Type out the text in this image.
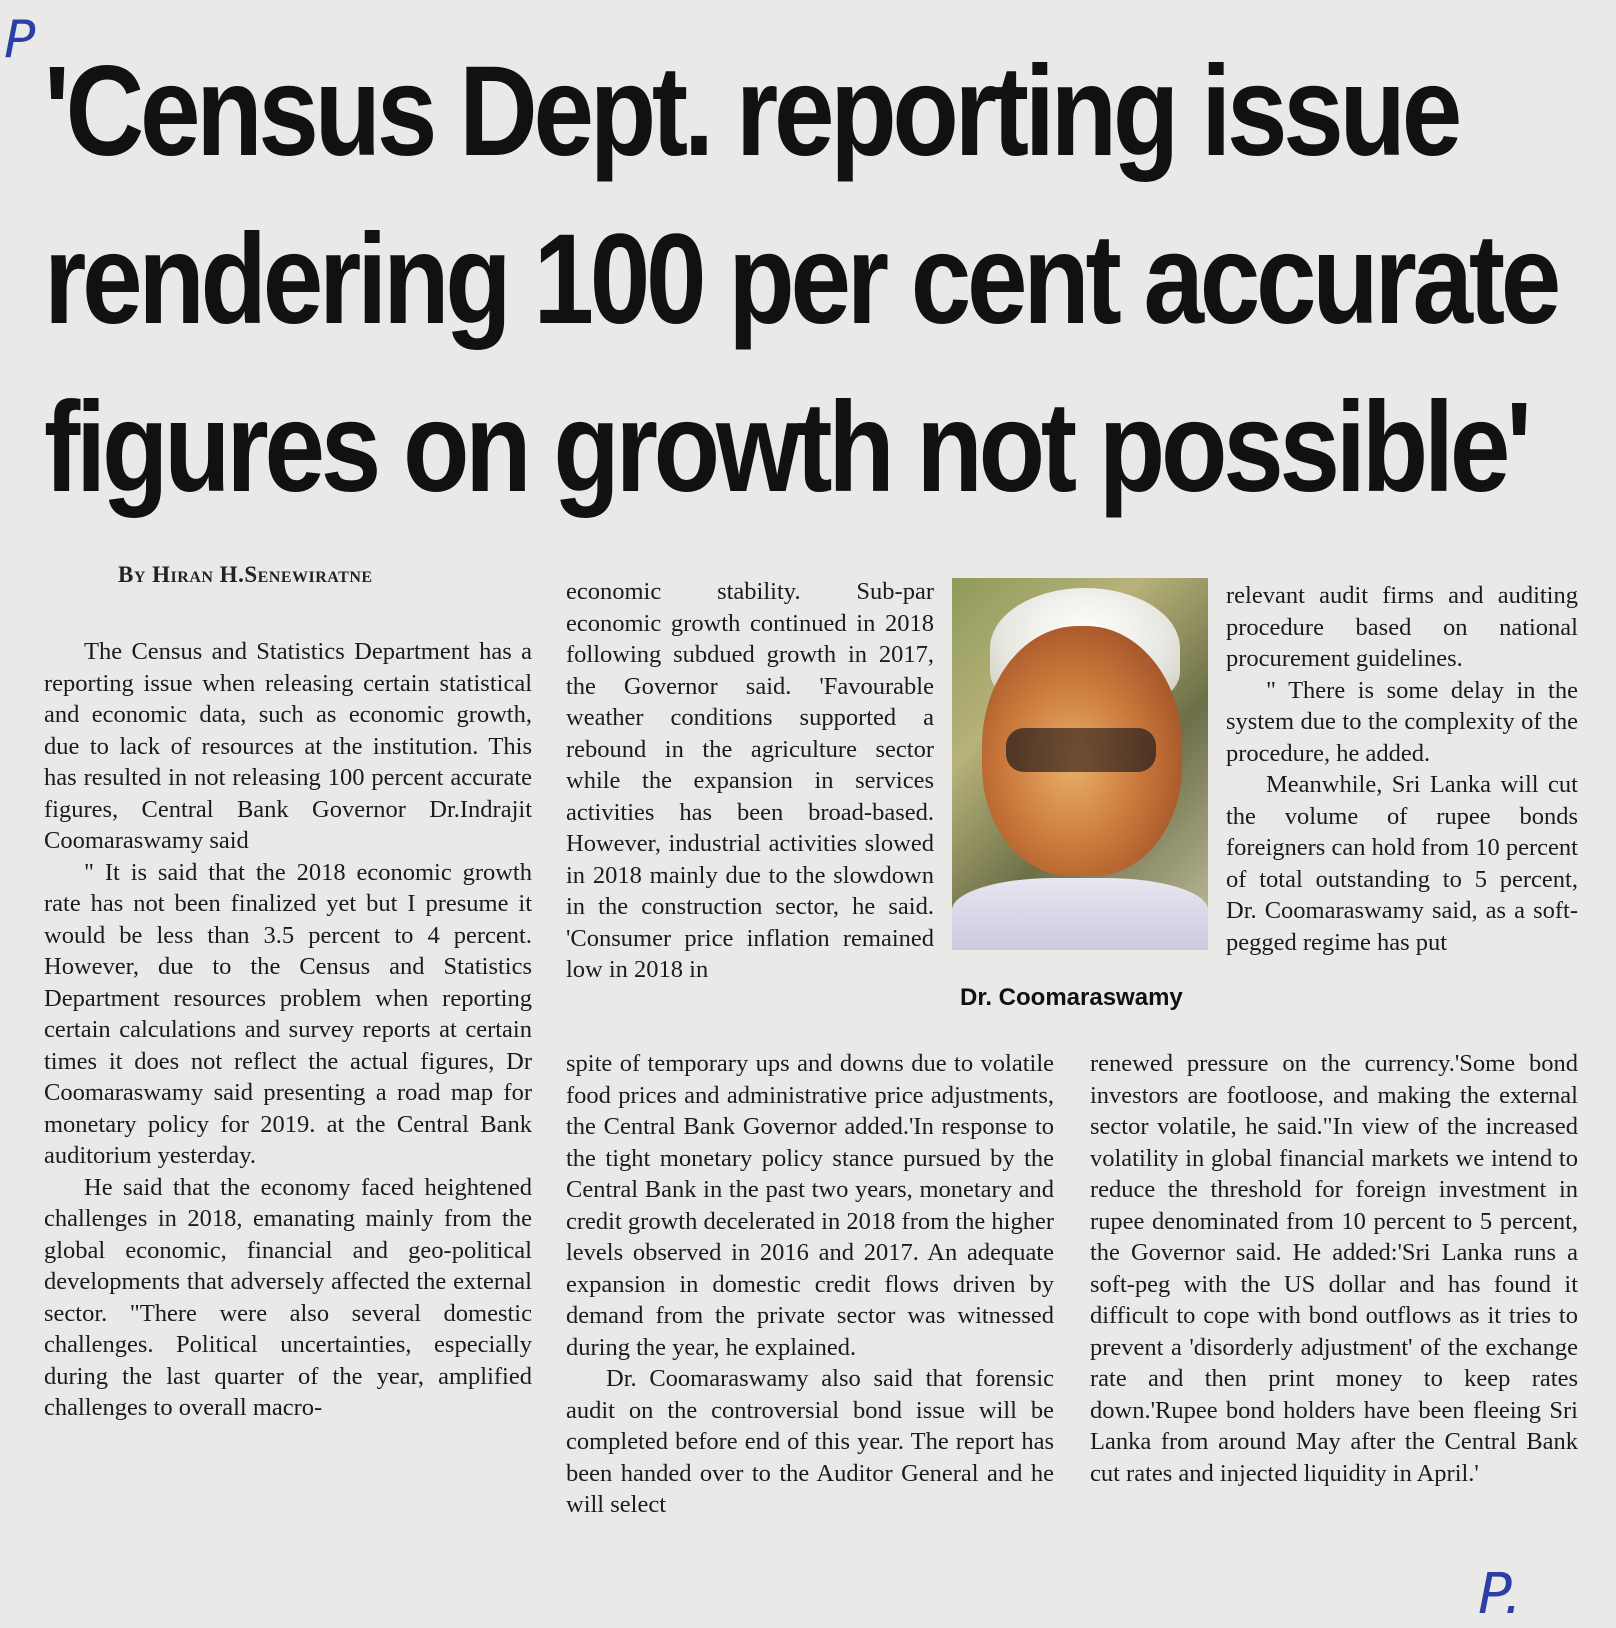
P 'Census Dept. reporting issue
rendering 100 per cent accurate
figures on growth not possible'
By Hiran H.Senewiratne

The Census and Statistics Department has a reporting issue when releasing certain statistical and economic data, such as economic growth, due to lack of resources at the institution. This has resulted in not releasing 100 percent accurate figures, Central Bank Governor Dr.Indrajit Coomaraswamy said

" It is said that the 2018 economic growth rate has not been finalized yet but I presume it would be less than 3.5 percent to 4 percent. However, due to the Census and Statistics Department resources problem when reporting certain calculations and survey reports at certain times it does not reflect the actual figures, Dr Coomaraswamy said presenting a road map for monetary policy for 2019. at the Central Bank auditorium yesterday.

He said that the economy faced heightened challenges in 2018, emanating mainly from the global economic, financial and geo-political developments that adversely affected the external sector. "There were also several domestic challenges. Political uncertainties, especially during the last quarter of the year, amplified challenges to overall macro-

economic stability. Sub-par economic growth continued in 2018 following subdued growth in 2017, the Governor said. 'Favourable weather conditions supported a rebound in the agriculture sector while the expansion in services activities has been broad-based. However, industrial activities slowed in 2018 mainly due to the slowdown in the construction sector, he said. 'Consumer price inflation remained low in 2018 in

Dr. Coomaraswamy

spite of temporary ups and downs due to volatile food prices and administrative price adjustments, the Central Bank Governor added.'In response to the tight monetary policy stance pursued by the Central Bank in the past two years, monetary and credit growth decelerated in 2018 from the higher levels observed in 2016 and 2017. An adequate expansion in domestic credit flows driven by demand from the private sector was witnessed during the year, he explained.

Dr. Coomaraswamy also said that forensic audit on the controversial bond issue will be completed before end of this year. The report has been handed over to the Auditor General and he will select

relevant audit firms and auditing procedure based on national procurement guidelines.

" There is some delay in the system due to the complexity of the procedure, he added.

Meanwhile, Sri Lanka will cut the volume of rupee bonds foreigners can hold from 10 percent of total outstanding to 5 percent, Dr. Coomaraswamy said, as a soft-pegged regime has put

renewed pressure on the currency.'Some bond investors are footloose, and making the external sector volatile, he said."In view of the increased volatility in global financial markets we intend to reduce the threshold for foreign investment in rupee denominated from 10 percent to 5 percent, the Governor said. He added:'Sri Lanka runs a soft-peg with the US dollar and has found it difficult to cope with bond outflows as it tries to prevent a 'disorderly adjustment' of the exchange rate and then print money to keep rates down.'Rupee bond holders have been fleeing Sri Lanka from around May after the Central Bank cut rates and injected liquidity in April.'

P.
